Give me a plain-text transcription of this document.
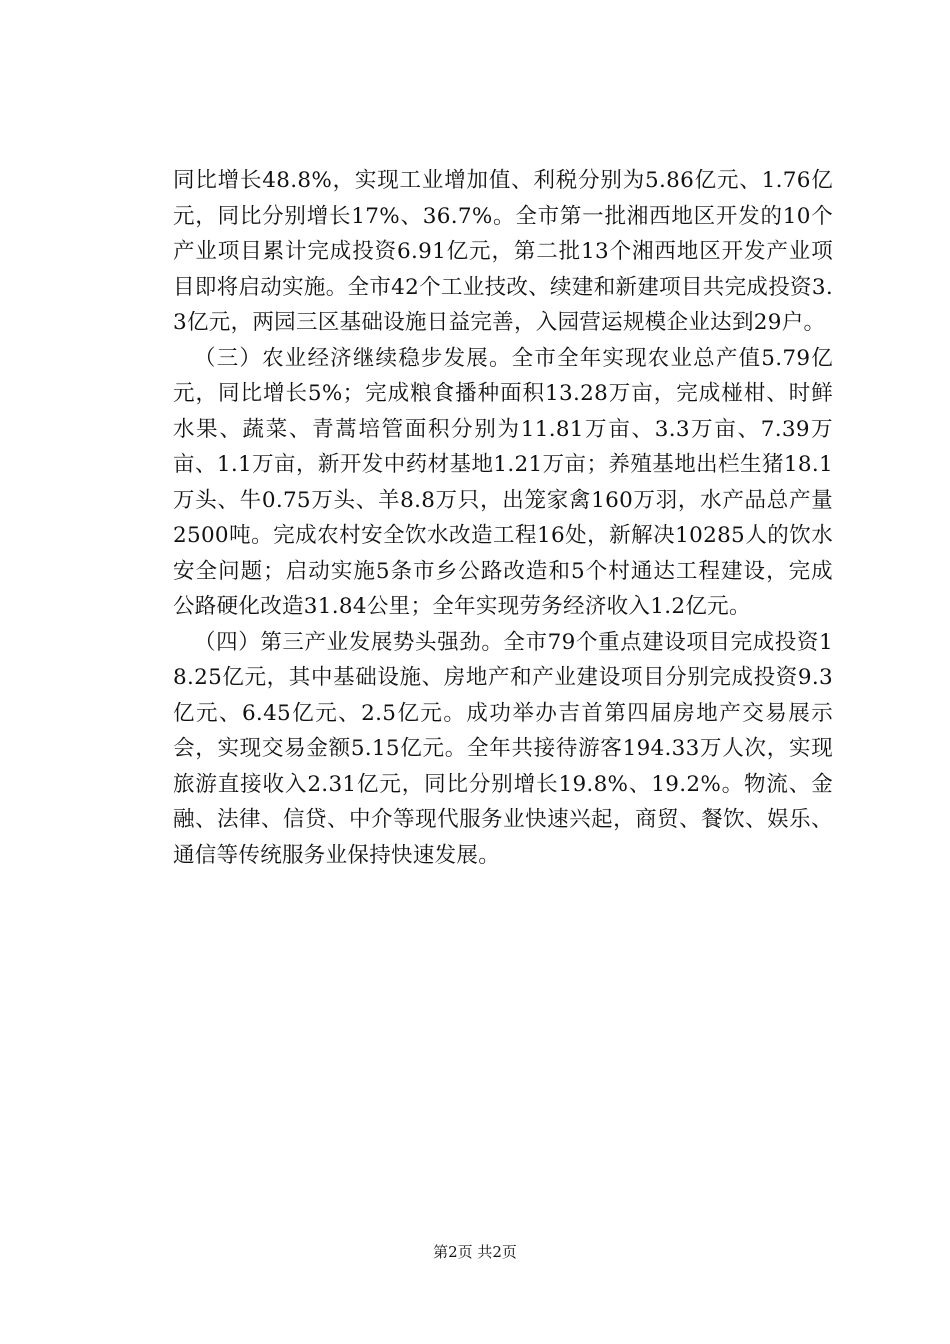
同比增长48.8%，实现工业增加值、利税分别为5.86亿元、1.76亿元，同比分别增长17%、36.7%。全市第一批湘西地区开发的10个产业项目累计完成投资6.91亿元，第二批13个湘西地区开发产业项目即将启动实施。全市42个工业技改、续建和新建项目共完成投资3.3亿元，两园三区基础设施日益完善，入园营运规模企业达到29户。

（三）农业经济继续稳步发展。全市全年实现农业总产值5.79亿元，同比增长5%；完成粮食播种面积13.28万亩，完成椪柑、时鲜水果、蔬菜、青蒿培管面积分别为11.81万亩、3.3万亩、7.39万亩、1.1万亩，新开发中药材基地1.21万亩；养殖基地出栏生猪18.1万头、牛0.75万头、羊8.8万只，出笼家禽160万羽，水产品总产量2500吨。完成农村安全饮水改造工程16处，新解决10285人的饮水安全问题；启动实施5条市乡公路改造和5个村通达工程建设，完成公路硬化改造31.84公里；全年实现劳务经济收入1.2亿元。

（四）第三产业发展势头强劲。全市79个重点建设项目完成投资18.25亿元，其中基础设施、房地产和产业建设项目分别完成投资9.3亿元、6.45亿元、2.5亿元。成功举办吉首第四届房地产交易展示会，实现交易金额5.15亿元。全年共接待游客194.33万人次，实现旅游直接收入2.31亿元，同比分别增长19.8%、19.2%。物流、金融、法律、信贷、中介等现代服务业快速兴起，商贸、餐饮、娱乐、通信等传统服务业保持快速发展。

第2页 共2页
